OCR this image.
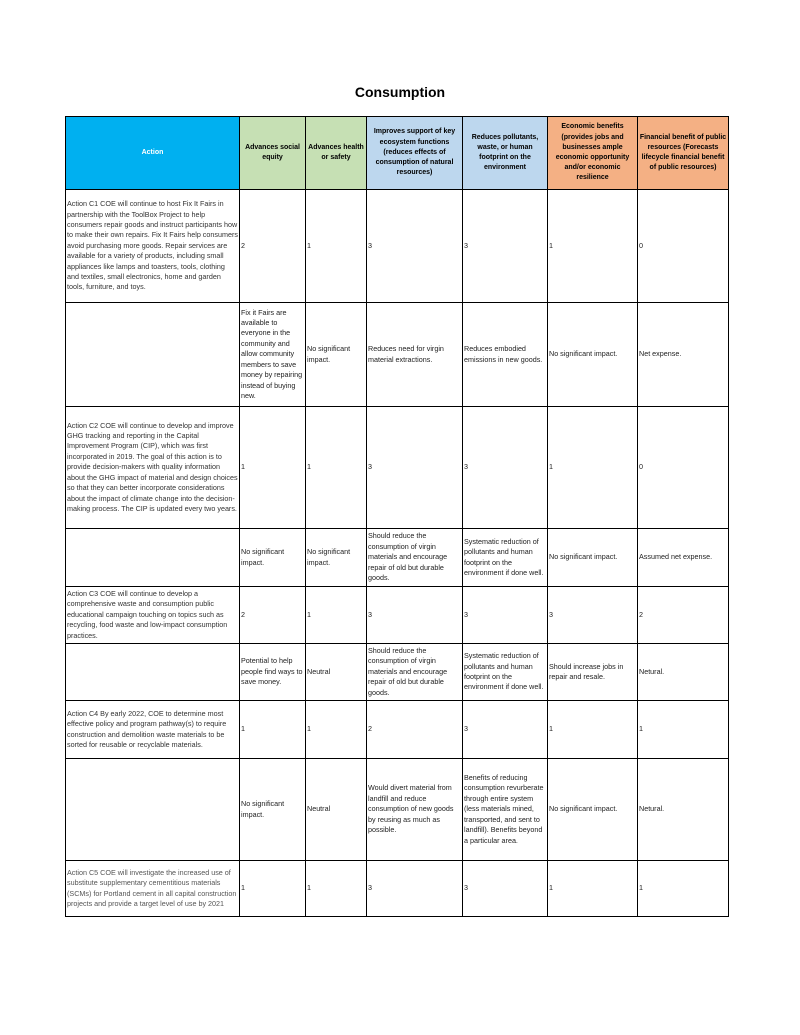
Consumption
Action	Advances social equity	Advances health or safety	Improves support of key ecosystem functions (reduces effects of consumption of natural resources)	Reduces pollutants, waste, or human footprint on the environment	Economic benefits (provides jobs and businesses ample economic opportunity and/or economic resilience	Financial benefit of public resources (Forecasts lifecycle financial benefit of public resources)
Action C1 COE will continue to host Fix It Fairs in partnership with the ToolBox Project to help consumers repair goods and instruct participants how to make their own repairs. Fix It Fairs help consumers avoid purchasing more goods. Repair services are available for a variety of products, including small appliances like lamps and toasters, tools, clothing and textiles, small electronics, home and garden tools, furniture, and toys.	2	1	3	3	1	0
	Fix it Fairs are available to everyone in the community and allow community members to save money by repairing instead of buying new.	No significant impact.	Reduces need for virgin material extractions.	Reduces embodied emissions in new goods.	No significant impact.	Net expense.
Action C2 COE will continue to develop and improve GHG tracking and reporting in the Capital Improvement Program (CIP), which was first incorporated in 2019. The goal of this action is to provide decision-makers with quality information about the GHG impact of material and design choices so that they can better incorporate considerations about the impact of climate change into the decision-making process. The CIP is updated every two years.	1	1	3	3	1	0
	No significant impact.	No significant impact.	Should reduce the consumption of virgin materials and encourage repair of old but durable goods.	Systematic reduction of pollutants and human footprint on the environment if done well.	No significant impact.	Assumed net expense.
Action C3 COE will continue to develop a comprehensive waste and consumption public educational campaign touching on topics such as recycling, food waste and low-impact consumption practices.	2	1	3	3	3	2
	Potential to help people find ways to save money.	Neutral	Should reduce the consumption of virgin materials and encourage repair of old but durable goods.	Systematic reduction of pollutants and human footprint on the environment if done well.	Should increase jobs in repair and resale.	Netural.
Action C4 By early 2022, COE to determine most effective policy and program pathway(s) to require construction and demolition waste materials to be sorted for reusable or recyclable materials.	1	1	2	3	1	1
	No significant impact.	Neutral	Would divert material from landfill and reduce consumption of new goods by reusing as much as possible.	Benefits of reducing consumption revurberate through entire system (less materials mined, transported, and sent to landfill). Benefits beyond a particular area.	No significant impact.	Netural.
Action C5 COE will investigate the increased use of substitute supplementary cementitious materials (SCMs) for Portland cement in all capital construction projects and provide a target level of use by 2021	1	1	3	3	1	1
